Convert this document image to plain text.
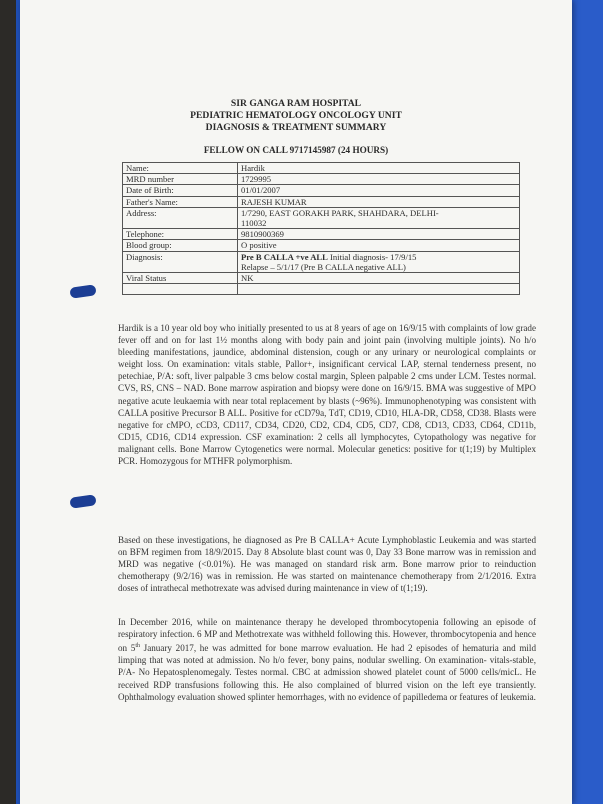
SIR GANGA RAM HOSPITAL
PEDIATRIC HEMATOLOGY ONCOLOGY UNIT
DIAGNOSIS & TREATMENT SUMMARY
FELLOW ON CALL 9717145987 (24 HOURS)
Name:	Hardik
MRD number	1729995
Date of Birth:	01/01/2007
Father's Name:	RAJESH KUMAR
Address:	1/7290, EAST GORAKH PARK, SHAHDARA, DELHI-
110032

Telephone:	9810900369
Blood group:	O positive
Diagnosis:	Pre B CALLA +ve ALL Initial diagnosis- 17/9/15
Relapse – 5/1/17 (Pre B CALLA negative ALL)

Viral Status	NK

Hardik is a 10 year old boy who initially presented to us at 8 years of age on 16/9/15 with complaints of low grade fever off and on for last 1½ months along with body pain and joint pain (involving multiple joints). No h/o bleeding manifestations, jaundice, abdominal distension, cough or any urinary or neurological complaints or weight loss. On examination: vitals stable, Pallor+, insignificant cervical LAP, sternal tenderness present, no petechiae, P/A: soft, liver palpable 3 cms below costal margin, Spleen palpable 2 cms under LCM. Testes normal. CVS, RS, CNS – NAD. Bone marrow aspiration and biopsy were done on 16/9/15. BMA was suggestive of MPO negative acute leukaemia with near total replacement by blasts (~96%). Immunophenotyping was consistent with CALLA positive Precursor B ALL. Positive for cCD79a, TdT, CD19, CD10, HLA-DR, CD58, CD38. Blasts were negative for cMPO, cCD3, CD117, CD34, CD20, CD2, CD4, CD5, CD7, CD8, CD13, CD33, CD64, CD11b, CD15, CD16, CD14 expression. CSF examination: 2 cells all lymphocytes, Cytopathology was negative for malignant cells. Bone Marrow Cytogenetics were normal. Molecular genetics: positive for t(1;19) by Multiplex PCR. Homozygous for MTHFR polymorphism.
Based on these investigations, he diagnosed as Pre B CALLA+ Acute Lymphoblastic Leukemia and was started on BFM regimen from 18/9/2015. Day 8 Absolute blast count was 0, Day 33 Bone marrow was in remission and MRD was negative (<0.01%). He was managed on standard risk arm. Bone marrow prior to reinduction chemotherapy (9/2/16) was in remission. He was started on maintenance chemotherapy from 2/1/2016. Extra doses of intrathecal methotrexate was advised during maintenance in view of t(1;19).
In December 2016, while on maintenance therapy he developed thrombocytopenia following an episode of respiratory infection. 6 MP and Methotrexate was withheld following this. However, thrombocytopenia and hence on 5th January 2017, he was admitted for bone marrow evaluation. He had 2 episodes of hematuria and mild limping that was noted at admission. No h/o fever, bony pains, nodular swelling. On examination- vitals-stable, P/A- No Hepatosplenomegaly. Testes normal. CBC at admission showed platelet count of 5000 cells/micL. He received RDP transfusions following this. He also complained of blurred vision on the left eye transiently. Ophthalmology evaluation showed splinter hemorrhages, with no evidence of papilledema or features of leukemia.
